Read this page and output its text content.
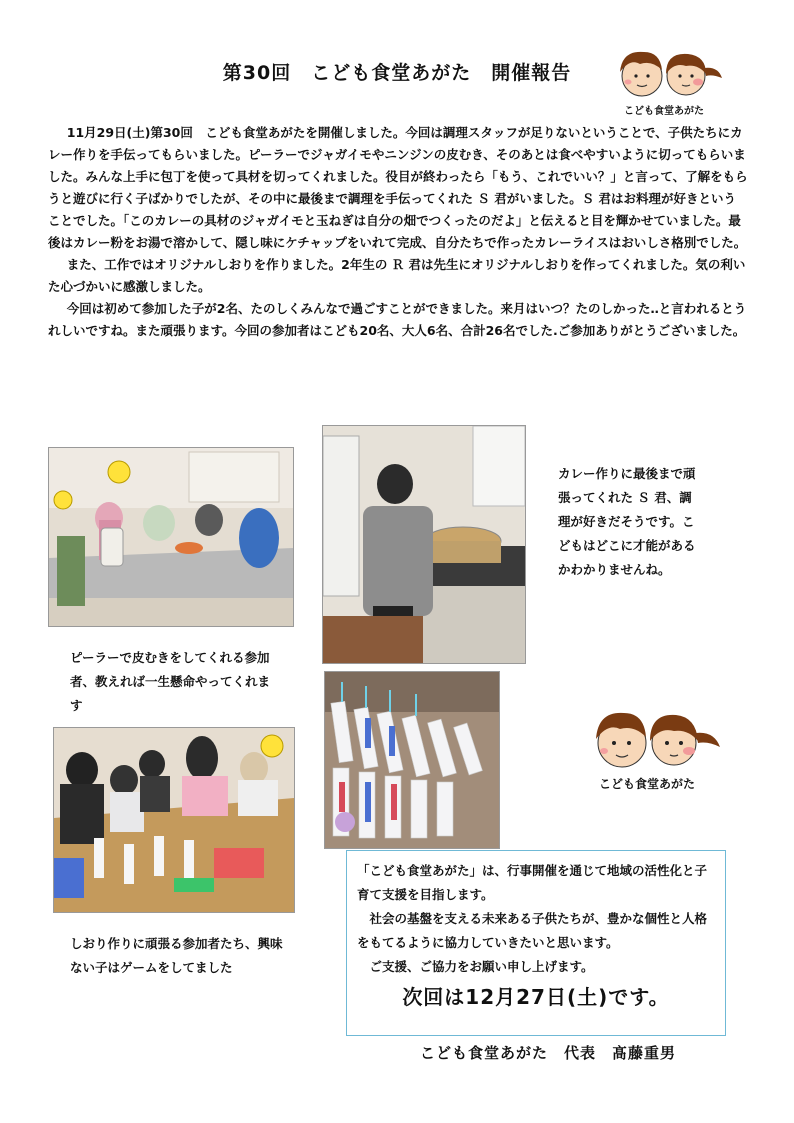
第30回　こども食堂あがた　開催報告
こども食堂あがた

11月29日(土)第30回　こども食堂あがたを開催しました。今回は調理スタッフが足りないということで、子供たちにカレー作りを手伝ってもらいました。ピーラーでジャガイモやニンジンの皮むき、そのあとは食べやすいように切ってもらいました。みんな上手に包丁を使って具材を切ってくれました。役目が終わったら「もう、これでいい？」と言って、了解をもらうと遊びに行く子ばかりでしたが、その中に最後まで調理を手伝ってくれた Ｓ 君がいました。Ｓ 君はお料理が好きということでした。「このカレーの具材のジャガイモと玉ねぎは自分の畑でつくったのだよ」と伝えると目を輝かせていました。最後はカレー粉をお湯で溶かして、隠し味にケチャップをいれて完成、自分たちで作ったカレーライスはおいしさ格別でした。

また、工作ではオリジナルしおりを作りました。2年生の Ｒ 君は先生にオリジナルしおりを作ってくれました。気の利いた心づかいに感激しました。

今回は初めて参加した子が2名、たのしくみんなで過ごすことができました。来月はいつ？たのしかった‥と言われるとうれしいですね。また頑張ります。今回の参加者はこども20名、大人6名、合計26名でした.ご参加ありがとうございました。

ピーラーで皮むきをしてくれる参加者、教えれば一生懸命やってくれます
カレー作りに最後まで頑張ってくれた Ｓ 君、調理が好きだそうです。こどもはどこに才能があるかわかりませんね。
こども食堂あがた
しおり作りに頑張る参加者たち、興味ない子はゲームをしてました
「こども食堂あがた」は、行事開催を通じて地域の活性化と子育て支援を目指します。
社会の基盤を支える未来ある子供たちが、豊かな個性と人格をもてるように協力していきたいと思います。
ご支援、ご協力をお願い申し上げます。
次回は12月27日(土)です。
こども食堂あがた　代表　髙藤重男
